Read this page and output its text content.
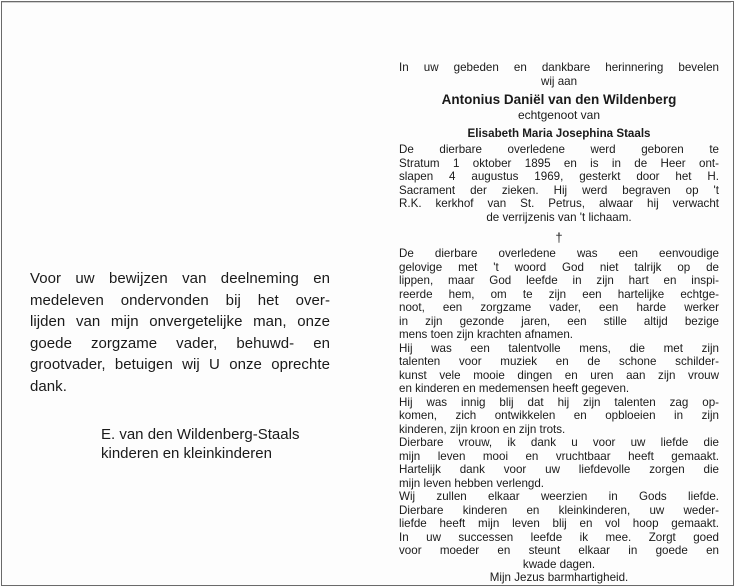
Voor uw bewijzen van deelneming en
medeleven ondervonden bij het over-
lijden van mijn onvergetelijke man, onze
goede zorgzame vader, behuwd- en
grootvader, betuigen wij U onze oprechte
dank.
E. van den Wildenberg-Staals
kinderen en kleinkinderen
In uw gebeden en dankbare herinnering bevelen
wij aan
Antonius Daniël van den Wildenberg
echtgenoot van
Elisabeth Maria Josephina Staals
De dierbare overledene werd geboren te
Stratum 1 oktober 1895 en is in de Heer ont-
slapen 4 augustus 1969, gesterkt door het H.
Sacrament der zieken. Hij werd begraven op 't
R.K. kerkhof van St. Petrus, alwaar hij verwacht
de verrijzenis van 't lichaam.
†
De dierbare overledene was een eenvoudige
gelovige met 't woord God niet talrijk op de
lippen, maar God leefde in zijn hart en inspi-
reerde hem, om te zijn een hartelijke echtge-
noot, een zorgzame vader, een harde werker
in zijn gezonde jaren, een stille altijd bezige
mens toen zijn krachten afnamen.
Hij was een talentvolle mens, die met zijn
talenten voor muziek en de schone schilder-
kunst vele mooie dingen en uren aan zijn vrouw
en kinderen en medemensen heeft gegeven.
Hij was innig blij dat hij zijn talenten zag op-
komen, zich ontwikkelen en opbloeien in zijn
kinderen, zijn kroon en zijn trots.
Dierbare vrouw, ik dank u voor uw liefde die
mijn leven mooi en vruchtbaar heeft gemaakt.
Hartelijk dank voor uw liefdevolle zorgen die
mijn leven hebben verlengd.
Wij zullen elkaar weerzien in Gods liefde.
Dierbare kinderen en kleinkinderen, uw weder-
liefde heeft mijn leven blij en vol hoop gemaakt.
In uw successen leefde ik mee. Zorgt goed
voor moeder en steunt elkaar in goede en
kwade dagen.
Mijn Jezus barmhartigheid.
